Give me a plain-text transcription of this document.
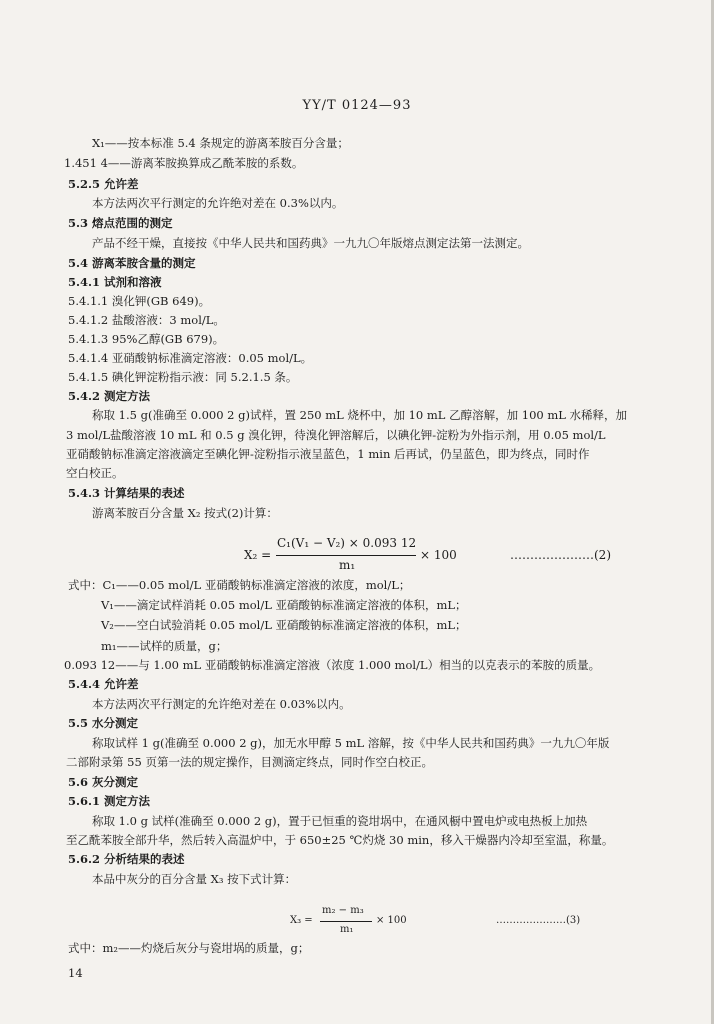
YY/T 0124—93
X₁——按本标准 5.4 条规定的游离苯胺百分含量；
1.451 4——游离苯胺换算成乙酰苯胺的系数。
5.2.5 允许差
本方法两次平行测定的允许绝对差在 0.3%以内。
5.3 熔点范围的测定
产品不经干燥，直接按《中华人民共和国药典》一九九〇年版熔点测定法第一法测定。
5.4 游离苯胺含量的测定
5.4.1 试剂和溶液
5.4.1.1 溴化钾(GB 649)。
5.4.1.2 盐酸溶液：3 mol/L。
5.4.1.3 95%乙醇(GB 679)。
5.4.1.4 亚硝酸钠标准滴定溶液：0.05 mol/L。
5.4.1.5 碘化钾淀粉指示液：同 5.2.1.5 条。
5.4.2 测定方法
称取 1.5 g(准确至 0.000 2 g)试样，置 250 mL 烧杯中，加 10 mL 乙醇溶解，加 100 mL 水稀释，加
3 mol/L盐酸溶液 10 mL 和 0.5 g 溴化钾，待溴化钾溶解后，以碘化钾-淀粉为外指示剂，用 0.05 mol/L
亚硝酸钠标准滴定溶液滴定至碘化钾-淀粉指示液呈蓝色，1 min 后再试，仍呈蓝色，即为终点，同时作
空白校正。
5.4.3 计算结果的表述
游离苯胺百分含量 X₂ 按式(2)计算：
X₂ =
C₁(V₁ − V₂) × 0.093 12
m₁
× 100	…………………(2)
式中：C₁——0.05 mol/L 亚硝酸钠标准滴定溶液的浓度，mol/L；
V₁——滴定试样消耗 0.05 mol/L 亚硝酸钠标准滴定溶液的体积，mL；
V₂——空白试验消耗 0.05 mol/L 亚硝酸钠标准滴定溶液的体积，mL；
m₁——试样的质量，g；
0.093 12——与 1.00 mL 亚硝酸钠标准滴定溶液（浓度 1.000 mol/L）相当的以克表示的苯胺的质量。
5.4.4 允许差
本方法两次平行测定的允许绝对差在 0.03%以内。
5.5 水分测定
称取试样 1 g(准确至 0.000 2 g)，加无水甲醇 5 mL 溶解，按《中华人民共和国药典》一九九〇年版
二部附录第 55 页第一法的规定操作，目测滴定终点，同时作空白校正。
5.6 灰分测定
5.6.1 测定方法
称取 1.0 g 试样(准确至 0.000 2 g)，置于已恒重的瓷坩埚中，在通风橱中置电炉或电热板上加热
至乙酰苯胺全部升华，然后转入高温炉中，于 650±25 ℃灼烧 30 min，移入干燥器内冷却至室温，称量。
5.6.2 分析结果的表述
本品中灰分的百分含量 X₃ 按下式计算：
X₃ =
m₂ − m₃
m₁
× 100	…………………(3)
式中：m₂——灼烧后灰分与瓷坩埚的质量，g；
14
